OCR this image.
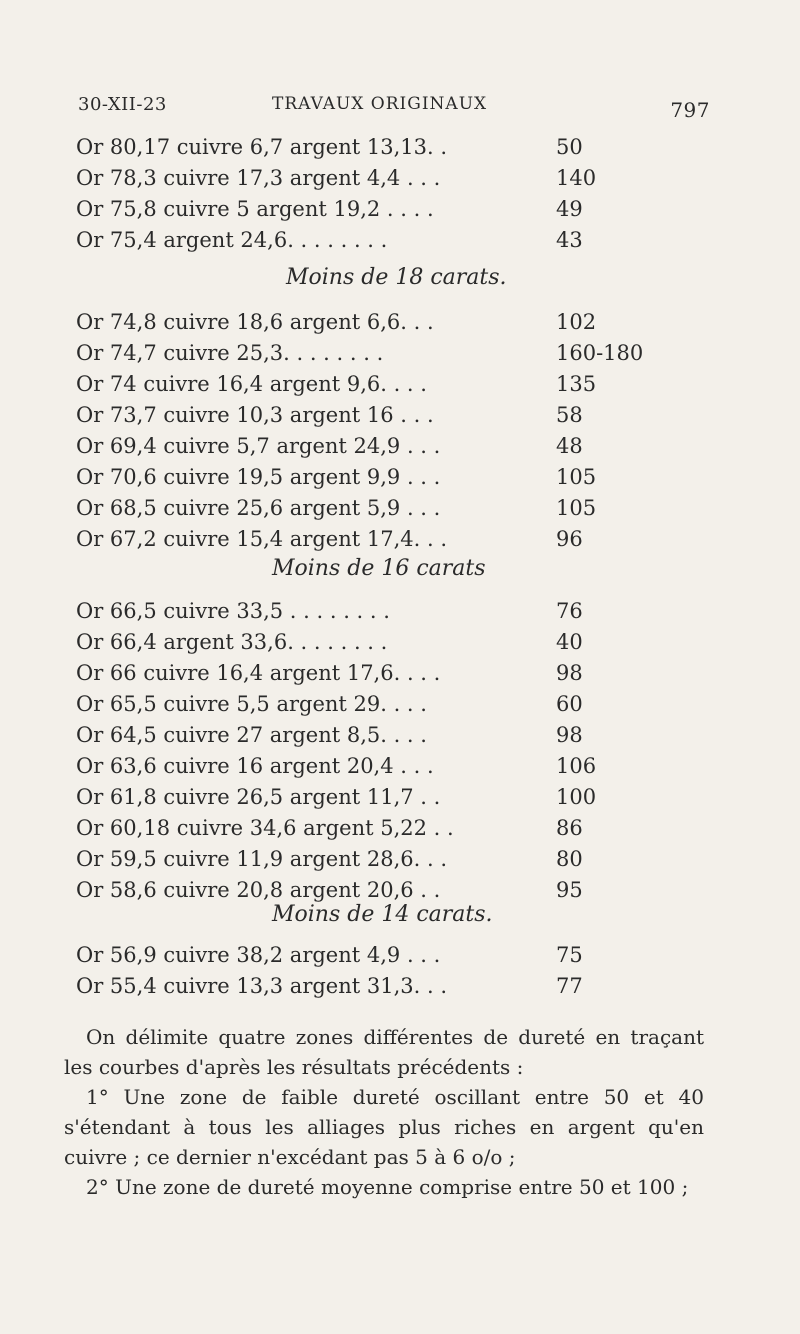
30-XII-23	TRAVAUX ORIGINAUX	797
Or 80,17 cuivre 6,7 argent 13,13. .	50
Or 78,3 cuivre 17,3 argent 4,4 . . .	140
Or 75,8 cuivre 5 argent 19,2 . . . .	49
Or 75,4 argent 24,6. . . . . . . .	43
Moins de 18 carats.
Or 74,8 cuivre 18,6 argent 6,6. . .	102
Or 74,7 cuivre 25,3. . . . . . . .	160-180
Or 74 cuivre 16,4 argent 9,6. . . .	135
Or 73,7 cuivre 10,3 argent 16 . . .	58
Or 69,4 cuivre 5,7 argent 24,9 . . .	48
Or 70,6 cuivre 19,5 argent 9,9 . . .	105
Or 68,5 cuivre 25,6 argent 5,9 . . .	105
Or 67,2 cuivre 15,4 argent 17,4. . .	96
Moins de 16 carats
Or 66,5 cuivre 33,5 . . . . . . . .	76
Or 66,4 argent 33,6. . . . . . . .	40
Or 66 cuivre 16,4 argent 17,6. . . .	98
Or 65,5 cuivre 5,5 argent 29. . . .	60
Or 64,5 cuivre 27 argent 8,5. . . .	98
Or 63,6 cuivre 16 argent 20,4 . . .	106
Or 61,8 cuivre 26,5 argent 11,7 . .	100
Or 60,18 cuivre 34,6 argent 5,22 . .	86
Or 59,5 cuivre 11,9 argent 28,6. . .	80
Or 58,6 cuivre 20,8 argent 20,6 . .	95
Moins de 14 carats.
Or 56,9 cuivre 38,2 argent 4,9 . . .	75
Or 55,4 cuivre 13,3 argent 31,3. . .	77

On délimite quatre zones différentes de dureté en traçant les courbes d'après les résultats précédents :

1° Une zone de faible dureté oscillant entre 50 et 40 s'étendant à tous les alliages plus riches en argent qu'en cuivre ; ce dernier n'excédant pas 5 à 6 o/o ;

2° Une zone de dureté moyenne comprise entre 50 et 100 ;
